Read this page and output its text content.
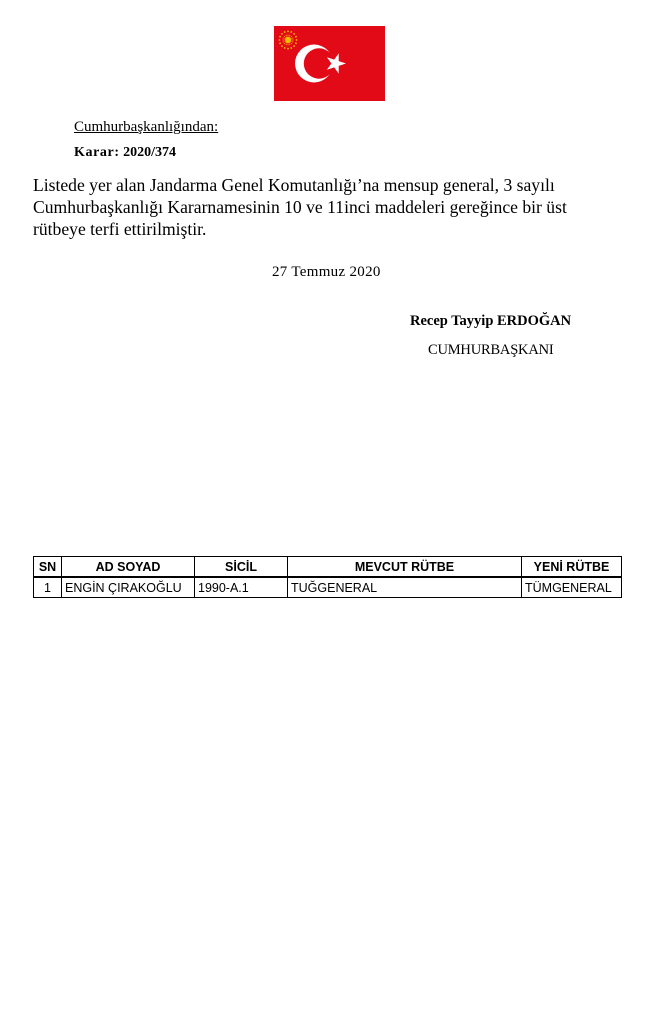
Cumhurbaşkanlığından:
Karar: 2020/374
Listede yer alan Jandarma Genel Komutanlığı’na mensup general, 3 sayılı
Cumhurbaşkanlığı Kararnamesinin 10 ve 11inci maddeleri gereğince bir üst
rütbeye terfi ettirilmiştir.
27 Temmuz 2020
Recep Tayyip ERDOĞAN
CUMHURBAŞKANI
SN	AD SOYAD	SİCİL	MEVCUT RÜTBE	YENİ RÜTBE
1	ENGİN ÇIRAKOĞLU	1990-A.1	TUĞGENERAL	TÜMGENERAL
